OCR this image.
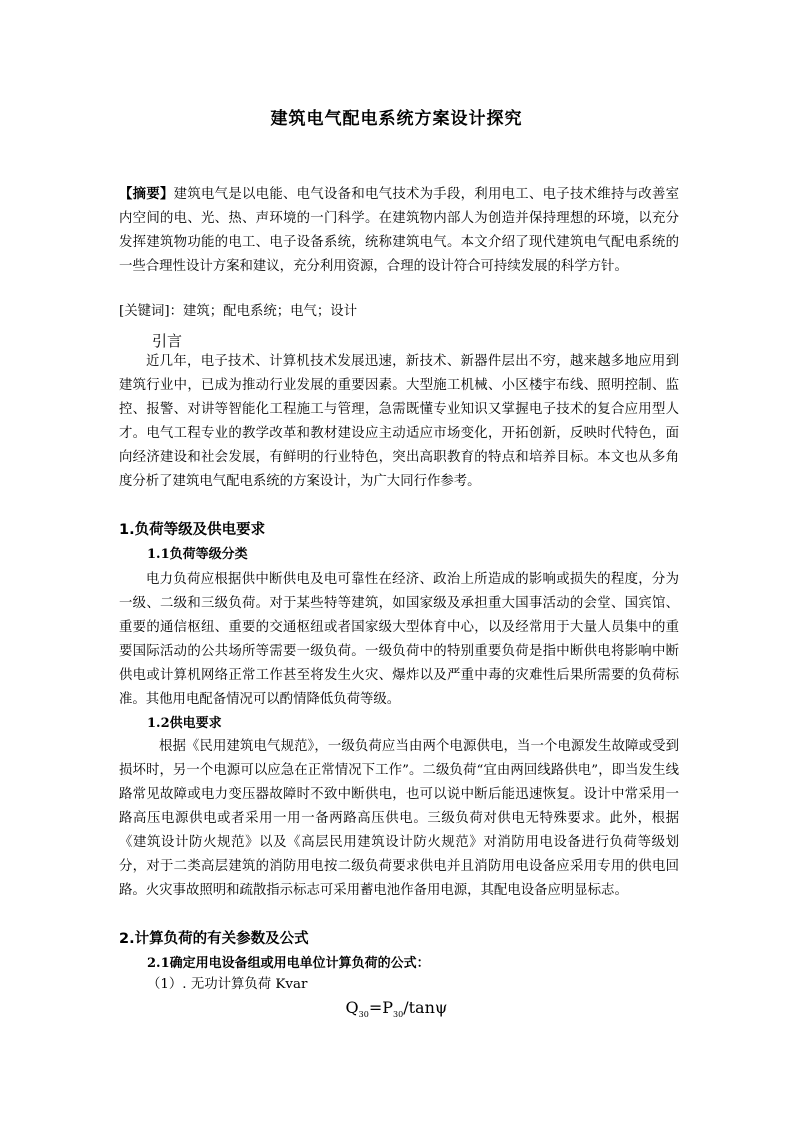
建筑电气配电系统方案设计探究
【摘要】建筑电气是以电能、电气设备和电气技术为手段，利用电工、电子技术维持与改善室内空间的电、光、热、声环境的一门科学。在建筑物内部人为创造并保持理想的环境，以充分发挥建筑物功能的电工、电子设备系统，统称建筑电气。本文介绍了现代建筑电气配电系统的一些合理性设计方案和建议，充分利用资源，合理的设计符合可持续发展的科学方针。
[关键词]：建筑；配电系统；电气；设计
引言
近几年，电子技术、计算机技术发展迅速，新技术、新器件层出不穷，越来越多地应用到建筑行业中，已成为推动行业发展的重要因素。大型施工机械、小区楼宇布线、照明控制、监控、报警、对讲等智能化工程施工与管理，急需既懂专业知识又掌握电子技术的复合应用型人才。电气工程专业的教学改革和教材建设应主动适应市场变化，开拓创新，反映时代特色，面向经济建设和社会发展，有鲜明的行业特色，突出高职教育的特点和培养目标。本文也从多角度分析了建筑电气配电系统的方案设计，为广大同行作参考。
1.负荷等级及供电要求
1.1负荷等级分类
电力负荷应根据供中断供电及电可靠性在经济、政治上所造成的影响或损失的程度，分为一级、二级和三级负荷。对于某些特等建筑，如国家级及承担重大国事活动的会堂、国宾馆、重要的通信枢纽、重要的交通枢纽或者国家级大型体育中心，以及经常用于大量人员集中的重要国际活动的公共场所等需要一级负荷。一级负荷中的特别重要负荷是指中断供电将影响中断供电或计算机网络正常工作甚至将发生火灾、爆炸以及严重中毒的灾难性后果所需要的负荷标准。其他用电配备情况可以酌情降低负荷等级。
1.2供电要求
根据《民用建筑电气规范》，一级负荷应当由两个电源供电，当一个电源发生故障或受到损坏时，另一个电源可以应急在正常情况下工作”。二级负荷“宜由两回线路供电”，即当发生线路常见故障或电力变压器故障时不致中断供电，也可以说中断后能迅速恢复。设计中常采用一路高压电源供电或者采用一用一备两路高压供电。三级负荷对供电无特殊要求。此外，根据《建筑设计防火规范》以及《高层民用建筑设计防火规范》对消防用电设备进行负荷等级划分，对于二类高层建筑的消防用电按二级负荷要求供电并且消防用电设备应采用专用的供电回路。火灾事故照明和疏散指示标志可采用蓄电池作备用电源，其配电设备应明显标志。
2.计算负荷的有关参数及公式
2.1确定用电设备组或用电单位计算负荷的公式：
（1）. 无功计算负荷 Kvar
$Q_{30}=P_{30}$/tanψ
